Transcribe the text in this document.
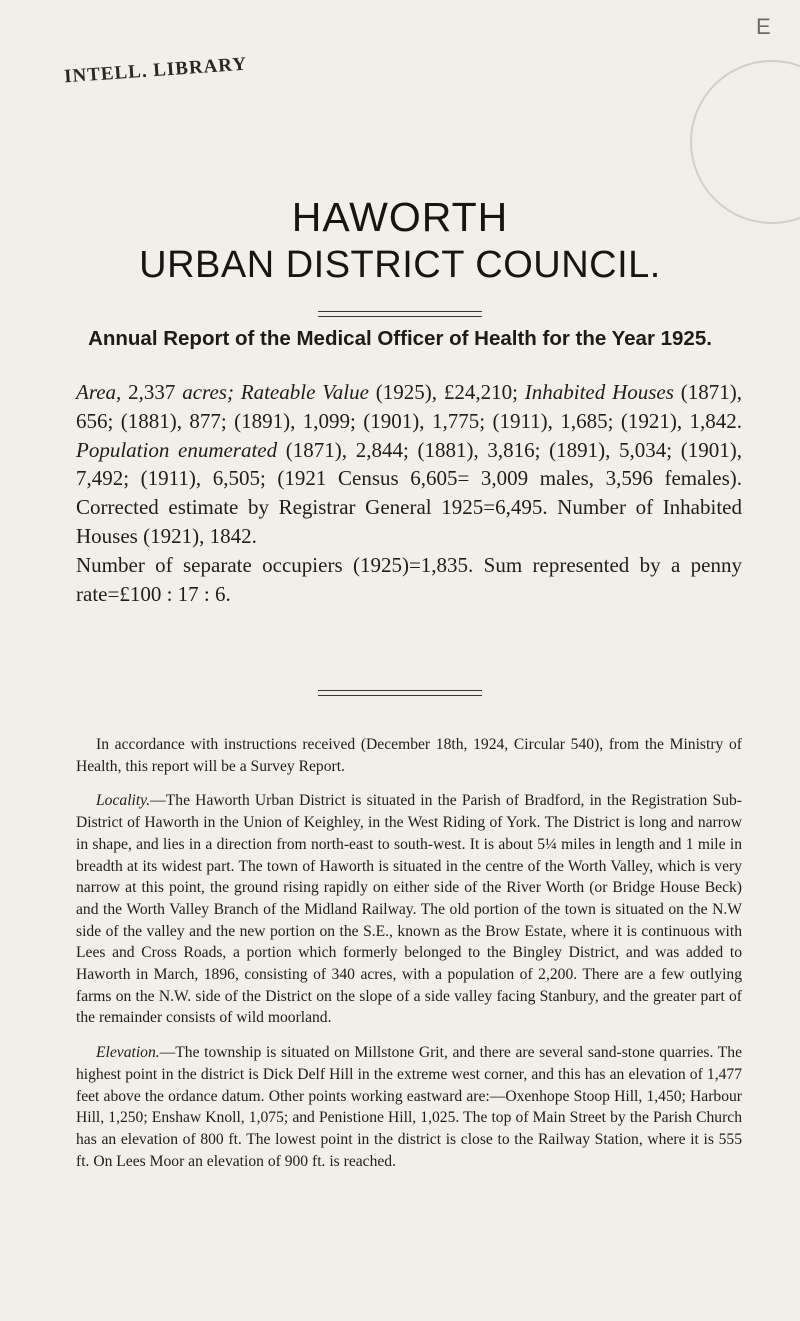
INTELL. LIBRARY
E
HAWORTH
URBAN DISTRICT COUNCIL.
Annual Report of the Medical Officer of Health for the Year 1925.

Area, 2,337 acres; Rateable Value (1925), £24,210; Inhabited Houses (1871), 656; (1881), 877; (1891), 1,099; (1901), 1,775; (1911), 1,685; (1921), 1,842. Population enumerated (1871), 2,844; (1881), 3,816; (1891), 5,034; (1901), 7,492; (1911), 6,505; (1921 Census 6,605= 3,009 males, 3,596 females). Corrected estimate by Registrar General 1925=6,495. Number of Inhabited Houses (1921), 1842.

Number of separate occupiers (1925)=1,835. Sum represented by a penny rate=£100 : 17 : 6.

In accordance with instructions received (December 18th, 1924, Circular 540), from the Ministry of Health, this report will be a Survey Report.

Locality.—The Haworth Urban District is situated in the Parish of Bradford, in the Registration Sub-District of Haworth in the Union of Keighley, in the West Riding of York. The District is long and narrow in shape, and lies in a direction from north-east to south-west. It is about 5¼ miles in length and 1 mile in breadth at its widest part. The town of Haworth is situated in the centre of the Worth Valley, which is very narrow at this point, the ground rising rapidly on either side of the River Worth (or Bridge House Beck) and the Worth Valley Branch of the Midland Railway. The old portion of the town is situated on the N.W side of the valley and the new portion on the S.E., known as the Brow Estate, where it is continuous with Lees and Cross Roads, a portion which formerly belonged to the Bingley District, and was added to Haworth in March, 1896, consisting of 340 acres, with a population of 2,200. There are a few outlying farms on the N.W. side of the District on the slope of a side valley facing Stanbury, and the greater part of the remainder consists of wild moorland.

Elevation.—The township is situated on Millstone Grit, and there are several sand-stone quarries. The highest point in the district is Dick Delf Hill in the extreme west corner, and this has an elevation of 1,477 feet above the ordance datum. Other points working eastward are:—Oxenhope Stoop Hill, 1,450; Harbour Hill, 1,250; Enshaw Knoll, 1,075; and Penistione Hill, 1,025. The top of Main Street by the Parish Church has an elevation of 800 ft. The lowest point in the district is close to the Railway Station, where it is 555 ft. On Lees Moor an elevation of 900 ft. is reached.
